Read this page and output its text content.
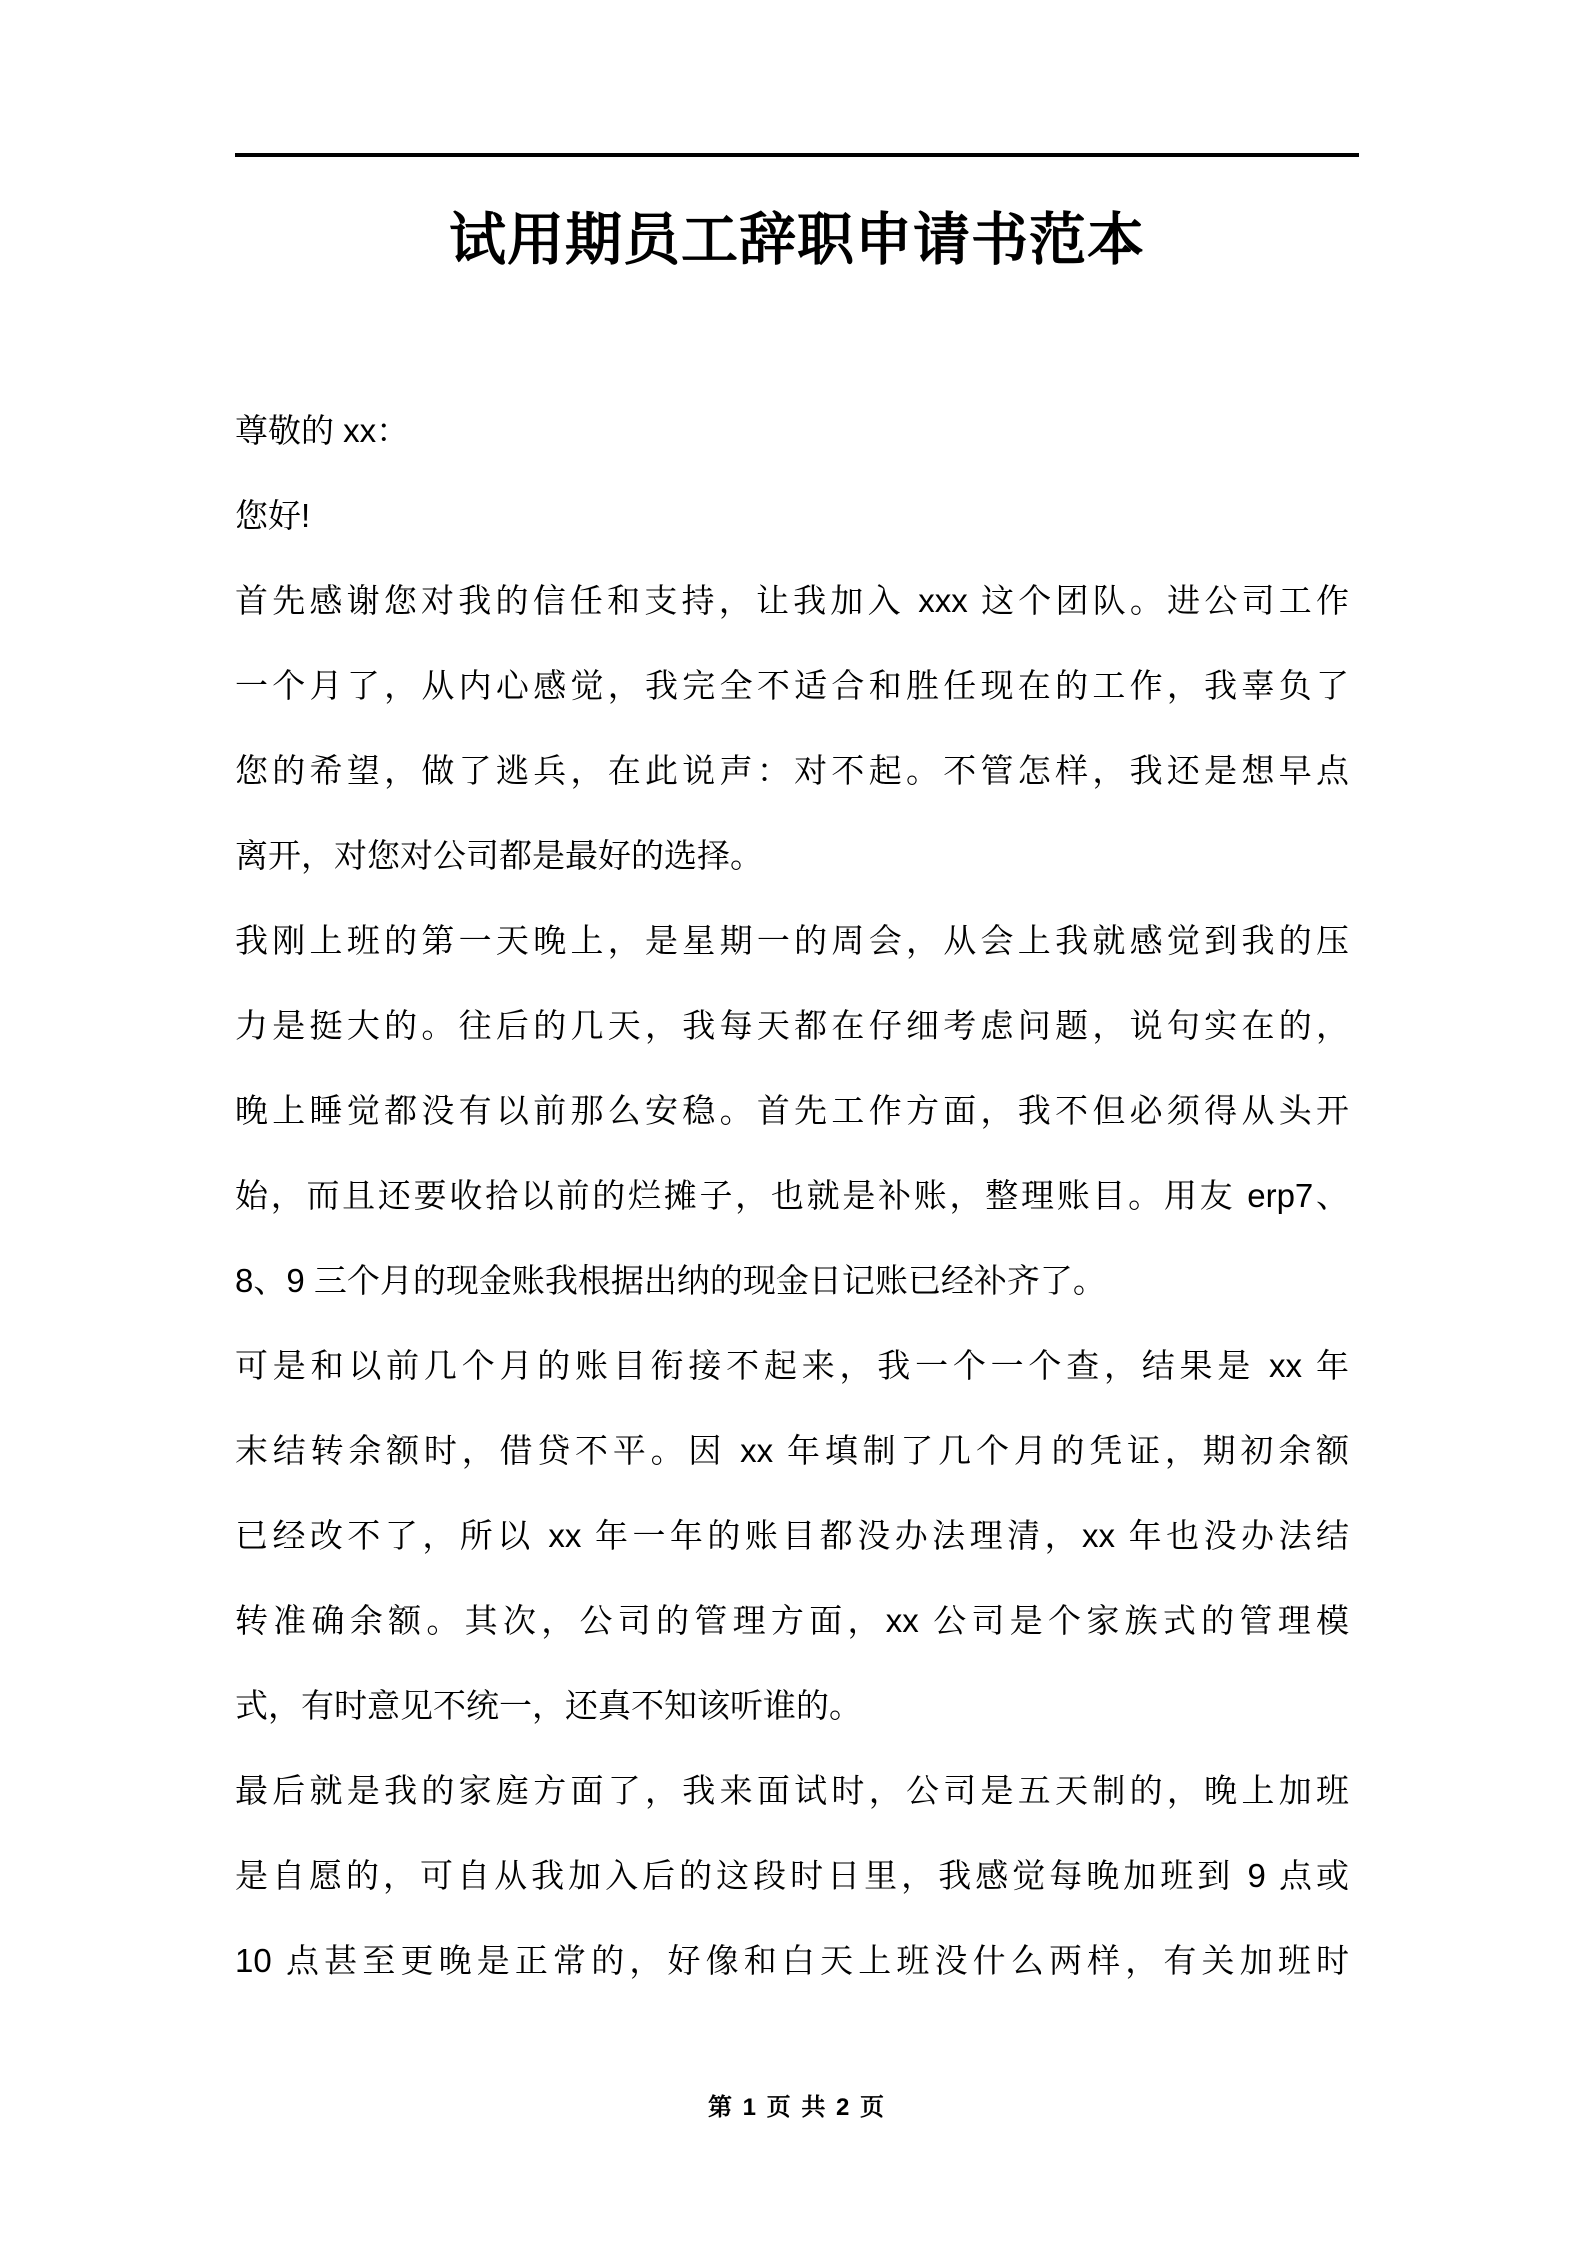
试用期员工辞职申请书范本
尊敬的 xx：
您好!
首先感谢您对我的信任和支持，让我加入 xxx 这个团队。进公司工作
一个月了，从内心感觉，我完全不适合和胜任现在的工作，我辜负了
您的希望，做了逃兵，在此说声：对不起。不管怎样，我还是想早点
离开，对您对公司都是最好的选择。
我刚上班的第一天晚上，是星期一的周会，从会上我就感觉到我的压
力是挺大的。往后的几天，我每天都在仔细考虑问题，说句实在的，
晚上睡觉都没有以前那么安稳。首先工作方面，我不但必须得从头开
始，而且还要收拾以前的烂摊子，也就是补账，整理账目。用友 erp7、
8、9 三个月的现金账我根据出纳的现金日记账已经补齐了。
可是和以前几个月的账目衔接不起来，我一个一个查，结果是 xx 年
末结转余额时，借贷不平。因 xx 年填制了几个月的凭证，期初余额
已经改不了，所以 xx 年一年的账目都没办法理清，xx 年也没办法结
转准确余额。其次，公司的管理方面，xx 公司是个家族式的管理模
式，有时意见不统一，还真不知该听谁的。
最后就是我的家庭方面了，我来面试时，公司是五天制的，晚上加班
是自愿的，可自从我加入后的这段时日里，我感觉每晚加班到 9 点或
10 点甚至更晚是正常的，好像和白天上班没什么两样，有关加班时
第 1 页 共 2 页
